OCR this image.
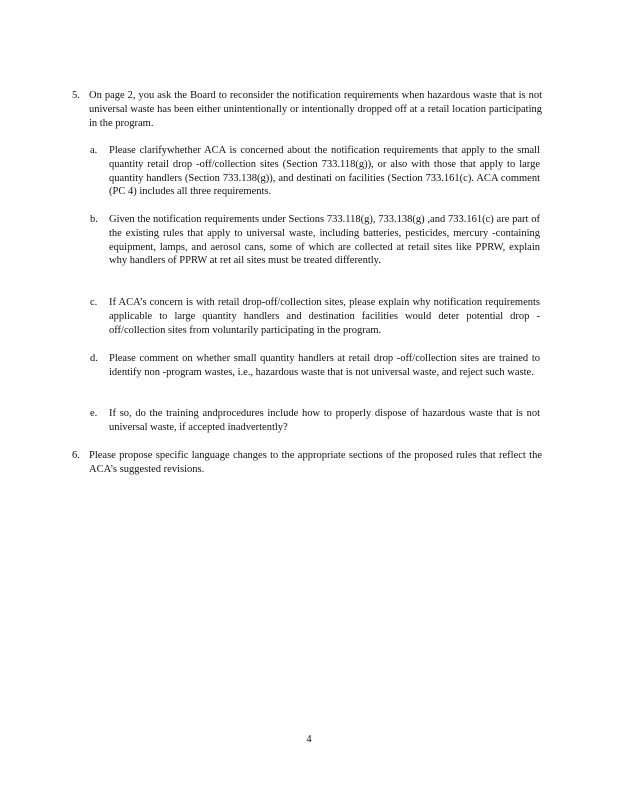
5. On page 2, you ask the Board to reconsider the notification requirements when hazardous waste that is not universal waste has been either unintentionally or intentionally dropped off at a retail location participating in the program.
a. Please clarifywhether ACA is concerned about the notification requirements that apply to the small quantity retail drop -off/collection sites (Section 733.118(g)), or also with those that apply to large quantity handlers (Section 733.138(g)), and destinati on facilities (Section 733.161(c). ACA comment (PC 4) includes all three requirements.
b. Given the notification requirements under Sections 733.118(g), 733.138(g) ,and 733.161(c) are part of the existing rules that apply to universal waste, including batteries, pesticides, mercury -containing equipment, lamps, and aerosol cans, some of which are collected at retail sites like PPRW, explain why handlers of PPRW at ret ail sites must be treated differently.
c. If ACA’s concern is with retail drop-off/collection sites, please explain why notification requirements applicable to large quantity handlers and destination facilities would deter potential drop -off/collection sites from voluntarily participating in the program.
d. Please comment on whether small quantity handlers at retail drop -off/collection sites are trained to identify non -program wastes, i.e., hazardous waste that is not universal waste, and reject such waste.
e. If so, do the training andprocedures include how to properly dispose of hazardous waste that is not universal waste, if accepted inadvertently?
6. Please propose specific language changes to the appropriate sections of the proposed rules that reflect the ACA’s suggested revisions.
4
